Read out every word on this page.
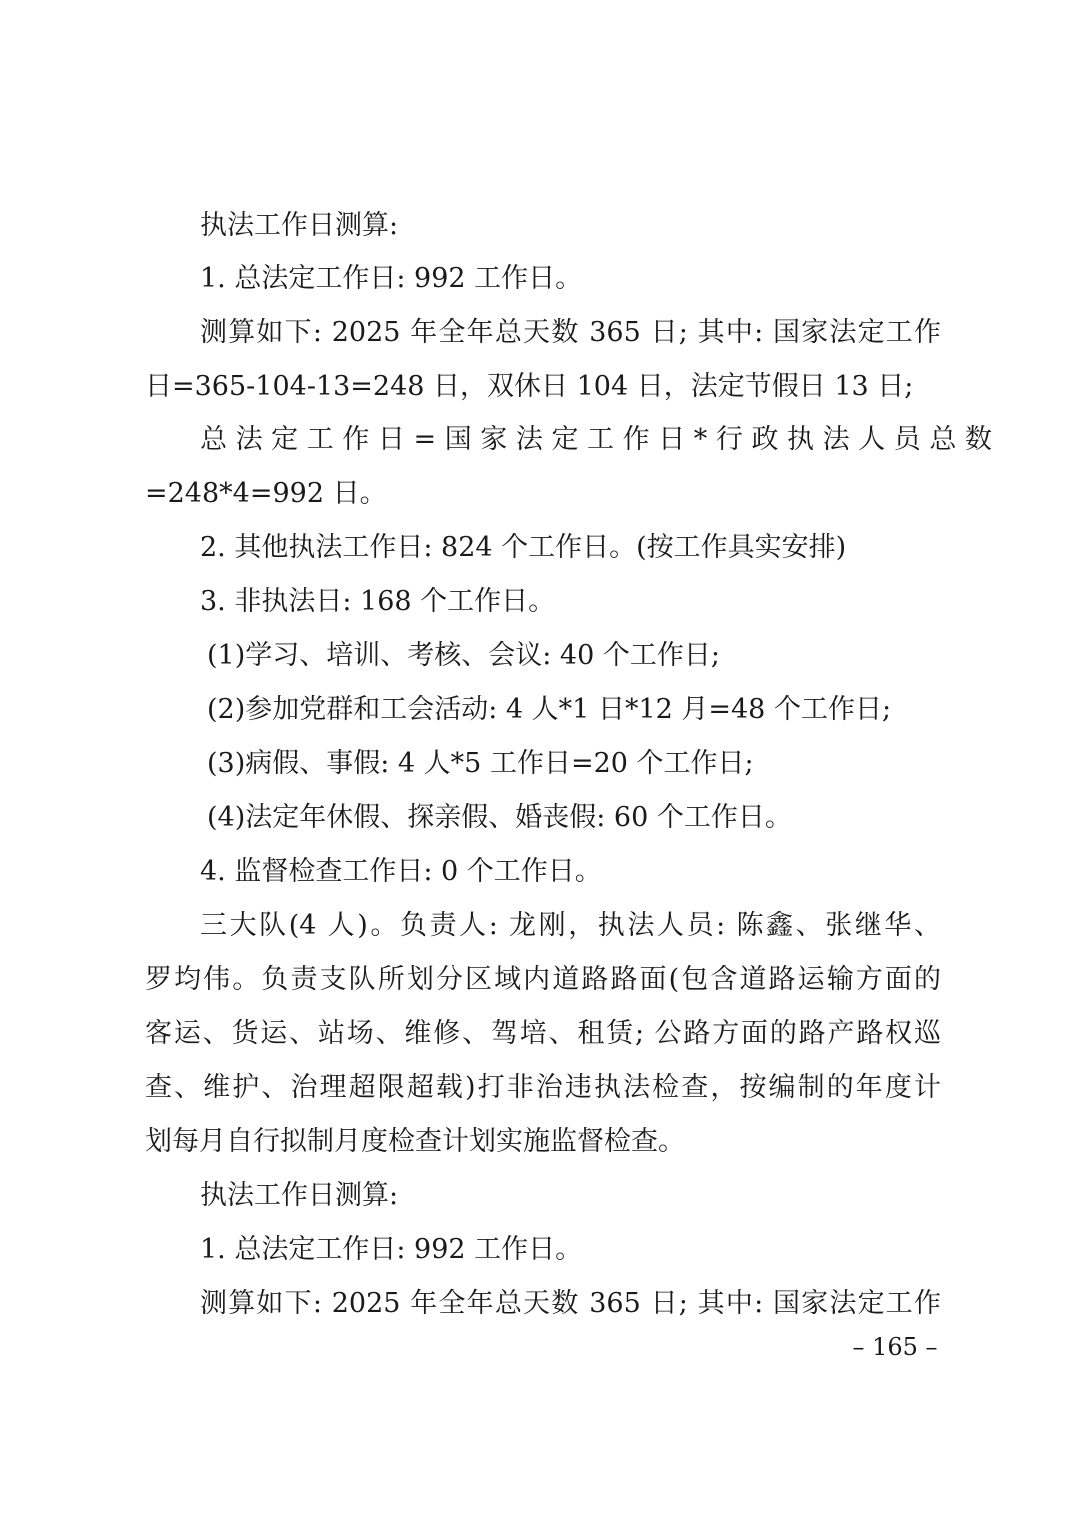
执法工作日测算:
1. 总法定工作日: 992 工作日。
测算如下: 2025 年全年总天数 365 日; 其中: 国家法定工作
日=365-104-13=248 日，双休日 104 日，法定节假日 13 日;
总 法 定 工 作 日 = 国 家 法 定 工 作 日 * 行 政 执 法 人 员 总 数
=248*4=992 日。
2. 其他执法工作日: 824 个工作日。(按工作具实安排)
3. 非执法日: 168 个工作日。
(1)学习、培训、考核、会议: 40 个工作日;
(2)参加党群和工会活动: 4 人*1 日*12 月=48 个工作日;
(3)病假、事假: 4 人*5 工作日=20 个工作日;
(4)法定年休假、探亲假、婚丧假: 60 个工作日。
4. 监督检查工作日: 0 个工作日。
三大队(4 人)。负责人: 龙刚，执法人员: 陈鑫、张继华、
罗均伟。负责支队所划分区域内道路路面(包含道路运输方面的
客运、货运、站场、维修、驾培、租赁; 公路方面的路产路权巡
查、维护、治理超限超载)打非治违执法检查，按编制的年度计
划每月自行拟制月度检查计划实施监督检查。
执法工作日测算:
1. 总法定工作日: 992 工作日。
测算如下: 2025 年全年总天数 365 日; 其中: 国家法定工作
– 165 –
